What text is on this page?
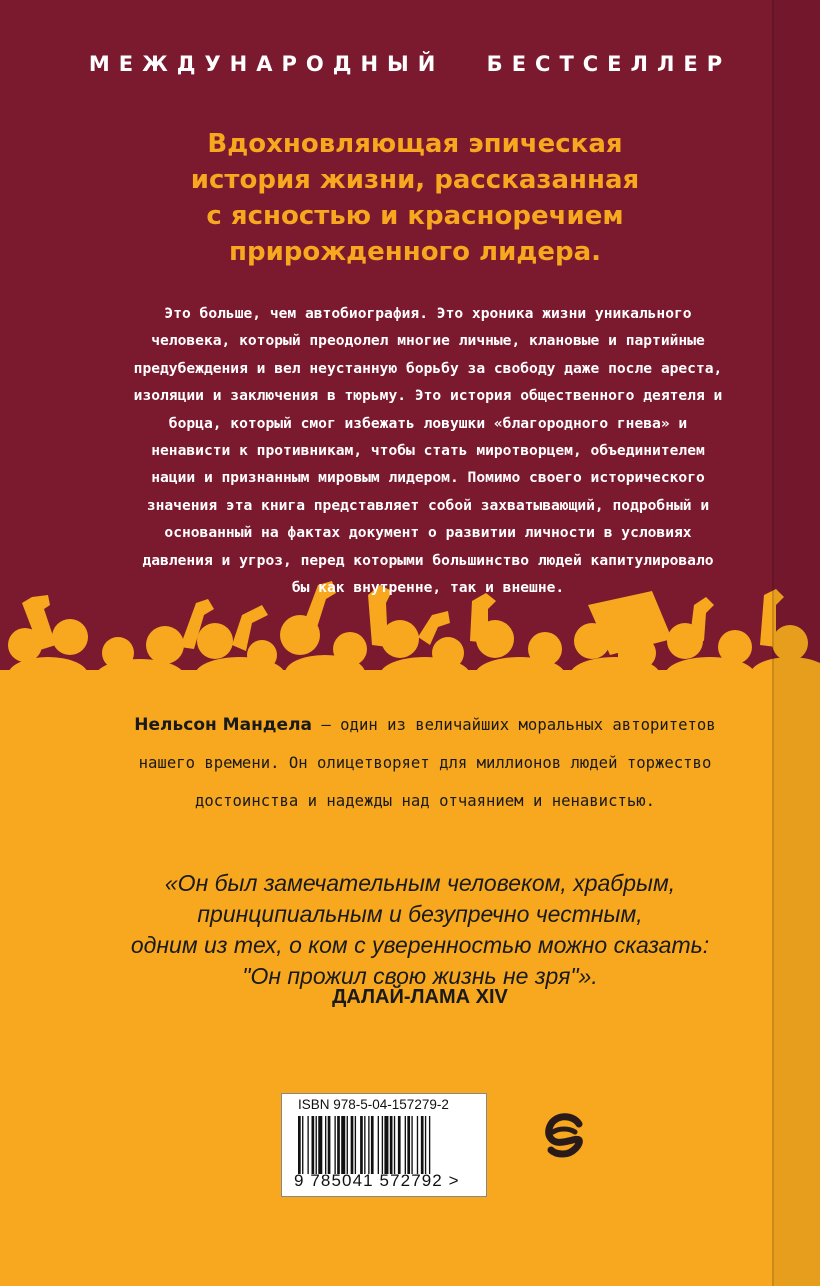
МЕЖДУНАРОДНЫЙ БЕСТСЕЛЛЕР
Вдохновляющая эпическая
история жизни, рассказанная
с ясностью и красноречием
прирожденного лидера.
Это больше, чем автобиография. Это хроника жизни уникального
человека, который преодолел многие личные, клановые и партийные
предубеждения и вел неустанную борьбу за свободу даже после ареста,
изоляции и заключения в тюрьму. Это история общественного деятеля и
борца, который смог избежать ловушки «благородного гнева» и
ненависти к противникам, чтобы стать миротворцем, объединителем
нации и признанным мировым лидером. Помимо своего исторического
значения эта книга представляет собой захватывающий, подробный и
основанный на фактах документ о развитии личности в условиях
давления и угроз, перед которыми большинство людей капитулировало
бы как внутренне, так и внешне.
Нельсон Мандела — один из величайших моральных авторитетов
нашего времени. Он олицетворяет для миллионов людей торжество
достоинства и надежды над отчаянием и ненавистью.
«Он был замечательным человеком, храбрым,
принципиальным и безупречно честным,
одним из тех, о ком с уверенностью можно сказать:
"Он прожил свою жизнь не зря"».
ДАЛАЙ-ЛАМА XIV
ISBN 978-5-04-157279-2
9 785041 572792 >
